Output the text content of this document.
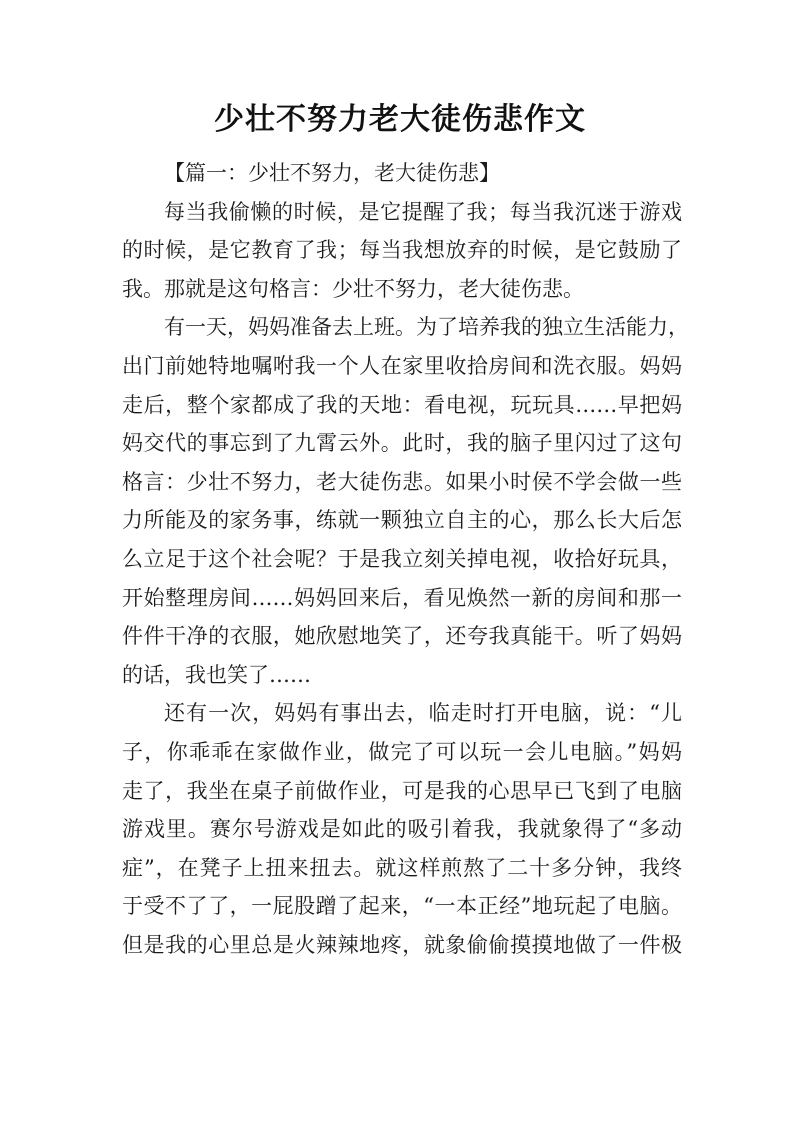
少壮不努力老大徒伤悲作文
【篇一：少壮不努力，老大徒伤悲】
每当我偷懒的时候，是它提醒了我；每当我沉迷于游戏
的时候，是它教育了我；每当我想放弃的时候，是它鼓励了
我。那就是这句格言：少壮不努力，老大徒伤悲。
有一天，妈妈准备去上班。为了培养我的独立生活能力，
出门前她特地嘱咐我一个人在家里收拾房间和洗衣服。妈妈
走后，整个家都成了我的天地：看电视，玩玩具……早把妈
妈交代的事忘到了九霄云外。此时，我的脑子里闪过了这句
格言：少壮不努力，老大徒伤悲。如果小时侯不学会做一些
力所能及的家务事，练就一颗独立自主的心，那么长大后怎
么立足于这个社会呢？于是我立刻关掉电视，收拾好玩具，
开始整理房间……妈妈回来后，看见焕然一新的房间和那一
件件干净的衣服，她欣慰地笑了，还夸我真能干。听了妈妈
的话，我也笑了……
还有一次，妈妈有事出去，临走时打开电脑，说：“儿
子，你乖乖在家做作业，做完了可以玩一会儿电脑。”妈妈
走了，我坐在桌子前做作业，可是我的心思早已飞到了电脑
游戏里。赛尔号游戏是如此的吸引着我，我就象得了“多动
症”，在凳子上扭来扭去。就这样煎熬了二十多分钟，我终
于受不了了，一屁股蹭了起来，“一本正经”地玩起了电脑。
但是我的心里总是火辣辣地疼，就象偷偷摸摸地做了一件极
